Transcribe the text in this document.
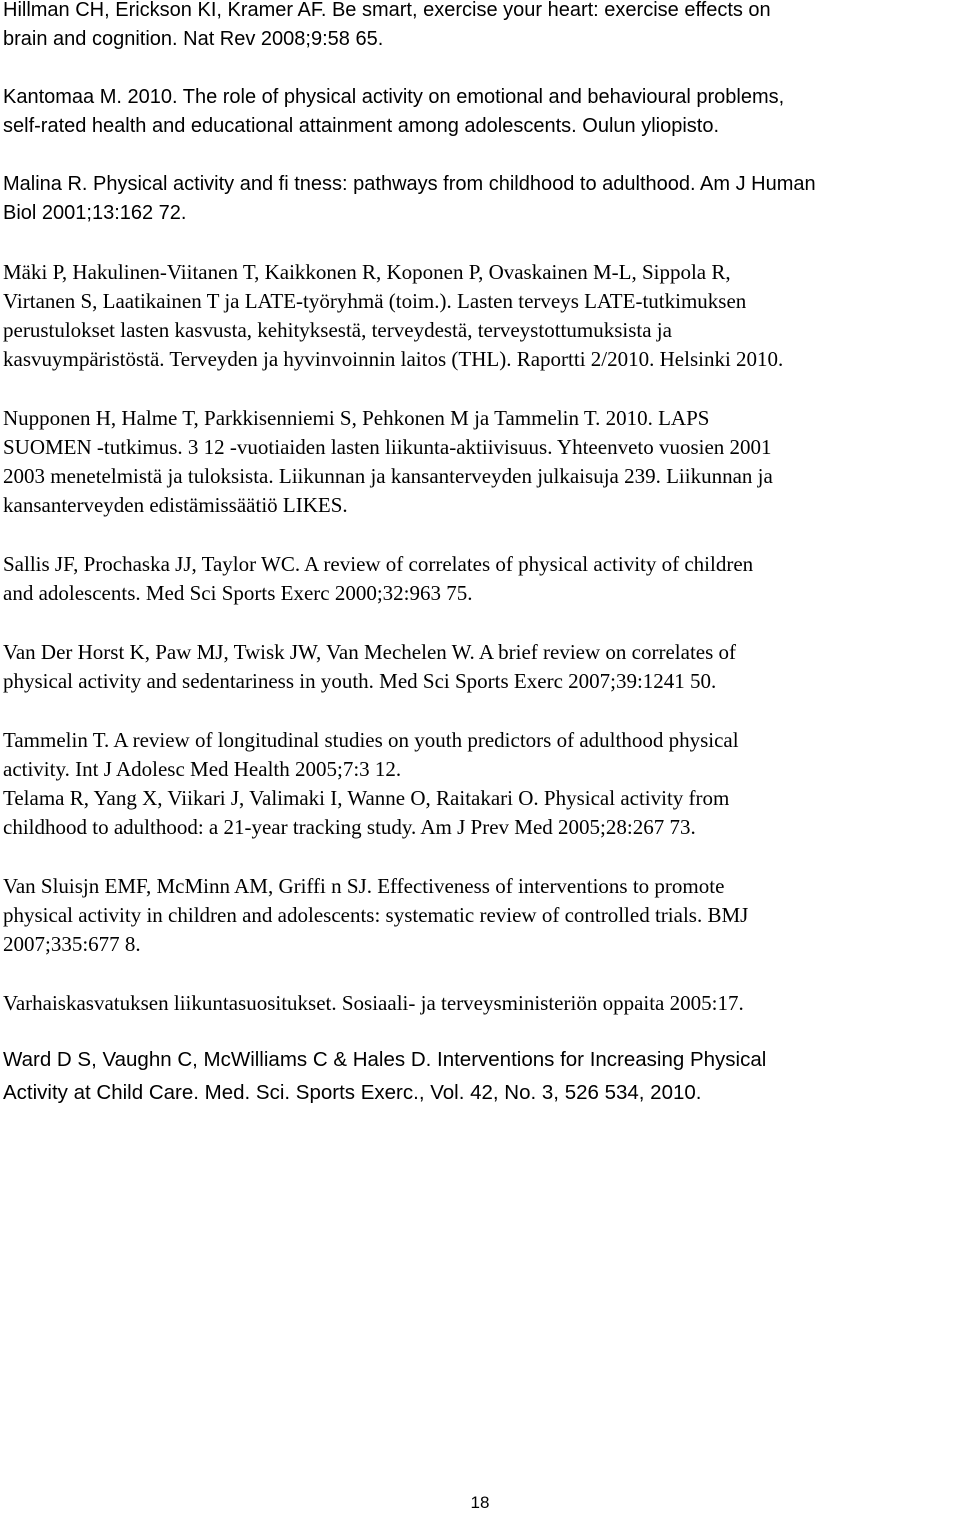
Hillman CH, Erickson KI, Kramer AF. Be smart, exercise your heart: exercise effects on
brain and cognition. Nat Rev 2008;9:58 65.

Kantomaa M. 2010. The role of physical activity on emotional and behavioural problems,
self-rated health and educational attainment among adolescents. Oulun yliopisto.

Malina R. Physical activity and fi tness: pathways from childhood to adulthood. Am J Human
Biol 2001;13:162 72.

Mäki P, Hakulinen-Viitanen T, Kaikkonen R, Koponen P, Ovaskainen M-L, Sippola R,
Virtanen S, Laatikainen T ja LATE-työryhmä (toim.). Lasten terveys LATE-tutkimuksen
perustulokset lasten kasvusta, kehityksestä, terveydestä, terveystottumuksista ja
kasvuympäristöstä. Terveyden ja hyvinvoinnin laitos (THL). Raportti 2/2010. Helsinki 2010.

Nupponen H, Halme T, Parkkisenniemi S, Pehkonen M ja Tammelin T. 2010. LAPS
SUOMEN -tutkimus. 3 12 -vuotiaiden lasten liikunta-aktiivisuus. Yhteenveto vuosien 2001
2003 menetelmistä ja tuloksista. Liikunnan ja kansanterveyden julkaisuja 239. Liikunnan ja
kansanterveyden edistämissäätiö LIKES.

Sallis JF, Prochaska JJ, Taylor WC. A review of correlates of physical activity of children
and adolescents. Med Sci Sports Exerc 2000;32:963 75.

Van Der Horst K, Paw MJ, Twisk JW, Van Mechelen W. A brief review on correlates of
physical activity and sedentariness in youth. Med Sci Sports Exerc 2007;39:1241 50.

Tammelin T. A review of longitudinal studies on youth predictors of adulthood physical
activity. Int J Adolesc Med Health 2005;7:3 12.

Telama R, Yang X, Viikari J, Valimaki I, Wanne O, Raitakari O. Physical activity from
childhood to adulthood: a 21-year tracking study. Am J Prev Med 2005;28:267 73.

Van Sluisjn EMF, McMinn AM, Griffi n SJ. Effectiveness of interventions to promote
physical activity in children and adolescents: systematic review of controlled trials. BMJ
2007;335:677 8.

Varhaiskasvatuksen liikuntasuositukset. Sosiaali- ja terveysministeriön oppaita 2005:17.

Ward D S, Vaughn C, McWilliams C & Hales D. Interventions for Increasing Physical
Activity at Child Care. Med. Sci. Sports Exerc., Vol. 42, No. 3, 526 534, 2010.

18
